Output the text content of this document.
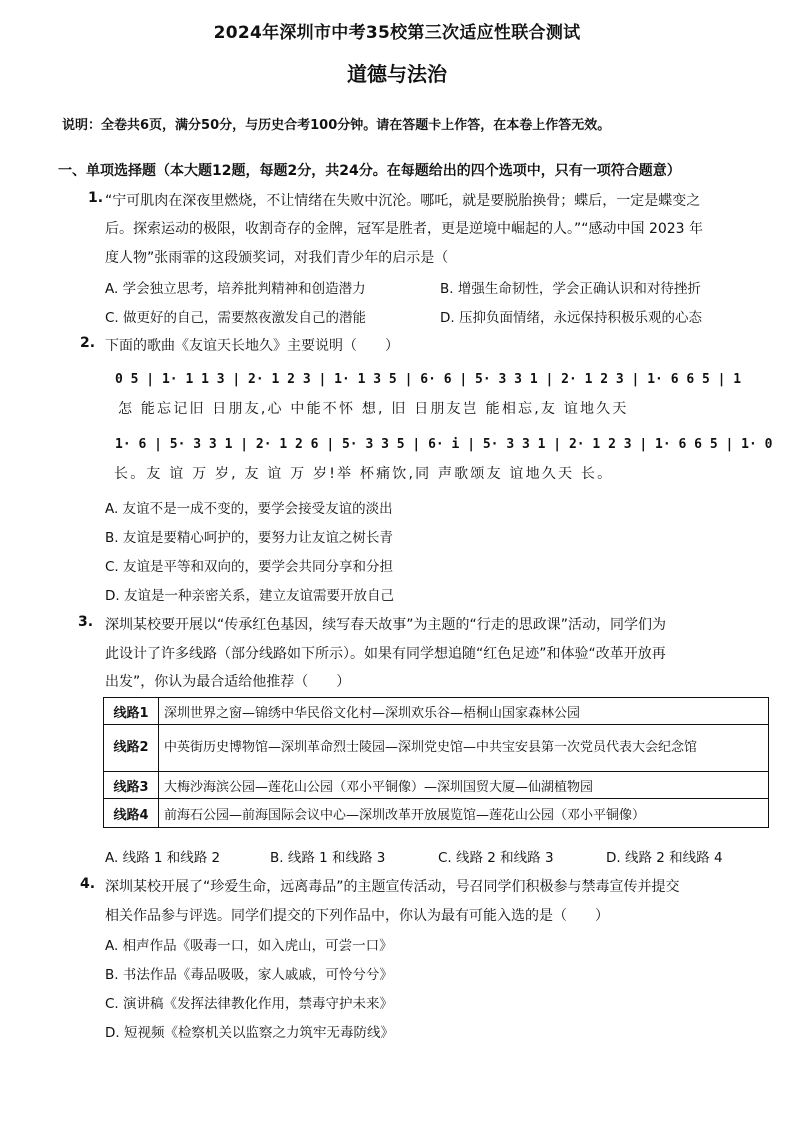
2024年深圳市中考35校第三次适应性联合测试
道德与法治
说明：全卷共6页，满分50分，与历史合考100分钟。请在答题卡上作答，在本卷上作答无效。
一、单项选择题（本大题12题，每题2分，共24分。在每题给出的四个选项中，只有一项符合题意）
1. “宁可肌肉在深夜里燃烧，不让情绪在失败中沉沦。哪吒，就是要脱胎换骨；蝶后，一定是蝶变之
后。探索运动的极限，收割奇存的金牌，冠军是胜者，更是逆境中崛起的人。”“感动中国 2023 年
度人物”张雨霏的这段颁奖词，对我们青少年的启示是（
A. 学会独立思考，培养批判精神和创造潜力	B. 增强生命韧性，学会正确认识和对待挫折
C. 做更好的自己，需要熬夜激发自己的潜能	D. 压抑负面情绪，永远保持积极乐观的心态
2. 下面的歌曲《友谊天长地久》主要说明（　　）
0 5 | 1· 1 1 3 | 2· 1 2 3 | 1· 1 3 5 | 6· 6 | 5· 3 3 1 | 2· 1 2 3 | 1· 6 6 5 | 1
怎 能忘记旧 日朋友,心 中能不怀 想, 旧 日朋友岂 能相忘,友 谊地久天
1· 6 | 5· 3 3 1 | 2· 1 2 6 | 5· 3 3 5 | 6· i | 5· 3 3 1 | 2· 1 2 3 | 1· 6 6 5 | 1· 0
长。友 谊 万 岁, 友 谊 万 岁!举 杯痛饮,同 声歌颂友 谊地久天 长。
A. 友谊不是一成不变的，要学会接受友谊的淡出
B. 友谊是要精心呵护的，要努力让友谊之树长青
C. 友谊是平等和双向的，要学会共同分享和分担
D. 友谊是一种亲密关系，建立友谊需要开放自己
3. 深圳某校要开展以“传承红色基因，续写春天故事”为主题的“行走的思政课”活动，同学们为
此设计了许多线路（部分线路如下所示）。如果有同学想追随“红色足迹”和体验“改革开放再
出发”，你认为最合适给他推荐（　　）
线路1	深圳世界之窗—锦绣中华民俗文化村—深圳欢乐谷—梧桐山国家森林公园
线路2	中英街历史博物馆—深圳革命烈士陵园—深圳党史馆—中共宝安县第一次党员代表大会纪念馆
线路3	大梅沙海滨公园—莲花山公园（邓小平铜像）—深圳国贸大厦—仙湖植物园
线路4	前海石公园—前海国际会议中心—深圳改革开放展览馆—莲花山公园（邓小平铜像）
A. 线路 1 和线路 2	B. 线路 1 和线路 3	C. 线路 2 和线路 3	D. 线路 2 和线路 4
4. 深圳某校开展了“珍爱生命，远离毒品”的主题宣传活动，号召同学们积极参与禁毒宣传并提交
相关作品参与评选。同学们提交的下列作品中，你认为最有可能入选的是（　　）
A. 相声作品《吸毒一口，如入虎山，可尝一口》
B. 书法作品《毒品吸吸，家人戚戚，可怜兮兮》
C. 演讲稿《发挥法律教化作用，禁毒守护未来》
D. 短视频《检察机关以监察之力筑牢无毒防线》
